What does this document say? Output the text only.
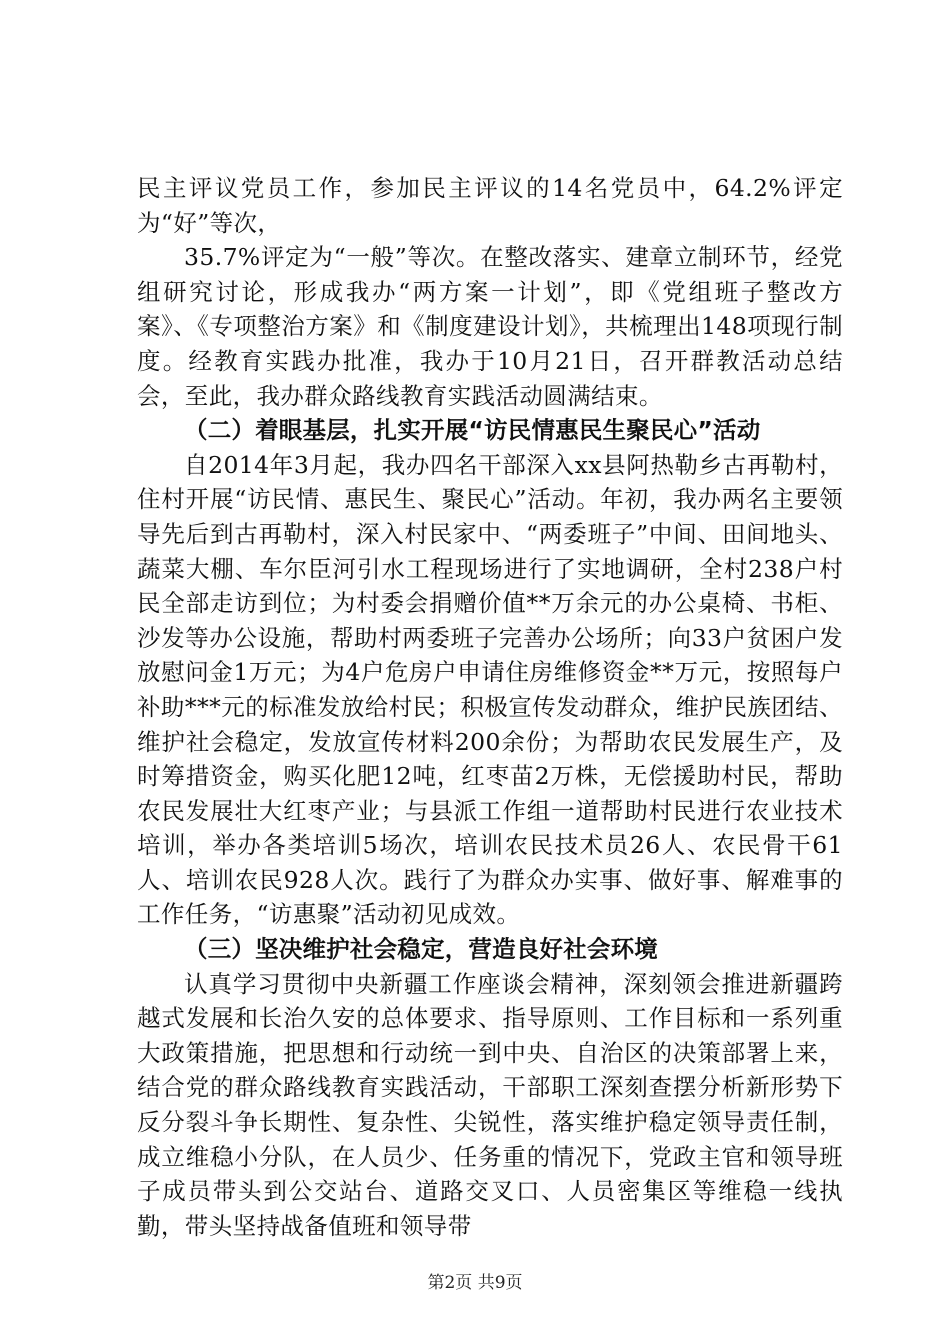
民主评议党员工作，参加民主评议的14名党员中，64.2%评定为“好”等次，

35.7%评定为“一般”等次。在整改落实、建章立制环节，经党组研究讨论，形成我办“两方案一计划”，即《党组班子整改方案》、《专项整治方案》和《制度建设计划》，共梳理出148项现行制度。经教育实践办批准，我办于10月21日，召开群教活动总结会，至此，我办群众路线教育实践活动圆满结束。

（二）着眼基层，扎实开展“访民情惠民生聚民心”活动

自2014年3月起，我办四名干部深入xx县阿热勒乡古再勒村，住村开展“访民情、惠民生、聚民心”活动。年初，我办两名主要领导先后到古再勒村，深入村民家中、“两委班子”中间、田间地头、蔬菜大棚、车尔臣河引水工程现场进行了实地调研，全村238户村民全部走访到位；为村委会捐赠价值**万余元的办公桌椅、书柜、沙发等办公设施，帮助村两委班子完善办公场所；向33户贫困户发放慰问金1万元；为4户危房户申请住房维修资金**万元，按照每户补助***元的标准发放给村民；积极宣传发动群众，维护民族团结、维护社会稳定，发放宣传材料200余份；为帮助农民发展生产，及时筹措资金，购买化肥12吨，红枣苗2万株，无偿援助村民，帮助农民发展壮大红枣产业；与县派工作组一道帮助村民进行农业技术培训，举办各类培训5场次，培训农民技术员26人、农民骨干61人、培训农民928人次。践行了为群众办实事、做好事、解难事的工作任务，“访惠聚”活动初见成效。

（三）坚决维护社会稳定，营造良好社会环境

认真学习贯彻中央新疆工作座谈会精神，深刻领会推进新疆跨越式发展和长治久安的总体要求、指导原则、工作目标和一系列重大政策措施，把思想和行动统一到中央、自治区的决策部署上来，结合党的群众路线教育实践活动，干部职工深刻查摆分析新形势下反分裂斗争长期性、复杂性、尖锐性，落实维护稳定领导责任制，成立维稳小分队，在人员少、任务重的情况下，党政主官和领导班子成员带头到公交站台、道路交叉口、人员密集区等维稳一线执勤，带头坚持战备值班和领导带

第2页 共9页
